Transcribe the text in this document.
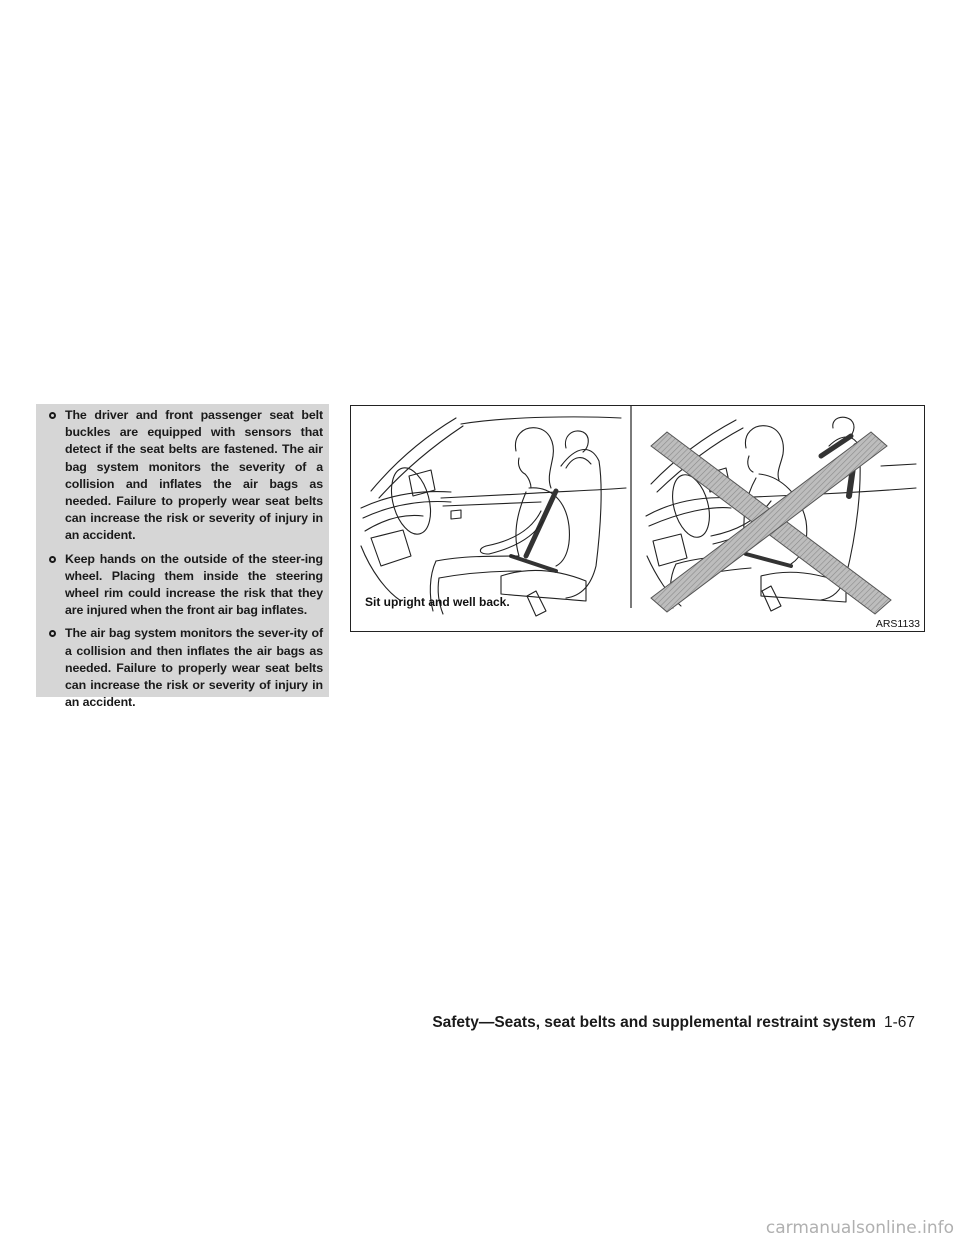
The driver and front passenger seat belt buckles are equipped with sensors that detect if the seat belts are fastened. The air bag system monitors the severity of a collision and inflates the air bags as needed. Failure to properly wear seat belts can increase the risk or severity of injury in an accident.
Keep hands on the outside of the steer-ing wheel. Placing them inside the steering wheel rim could increase the risk that they are injured when the front air bag inflates.
The air bag system monitors the sever-ity of a collision and then inflates the air bags as needed. Failure to properly wear seat belts can increase the risk or severity of injury in an accident.
Sit upright and well back.
ARS1133
Safety—Seats, seat belts and supplemental restraint system 1-67
carmanualsonline.info
